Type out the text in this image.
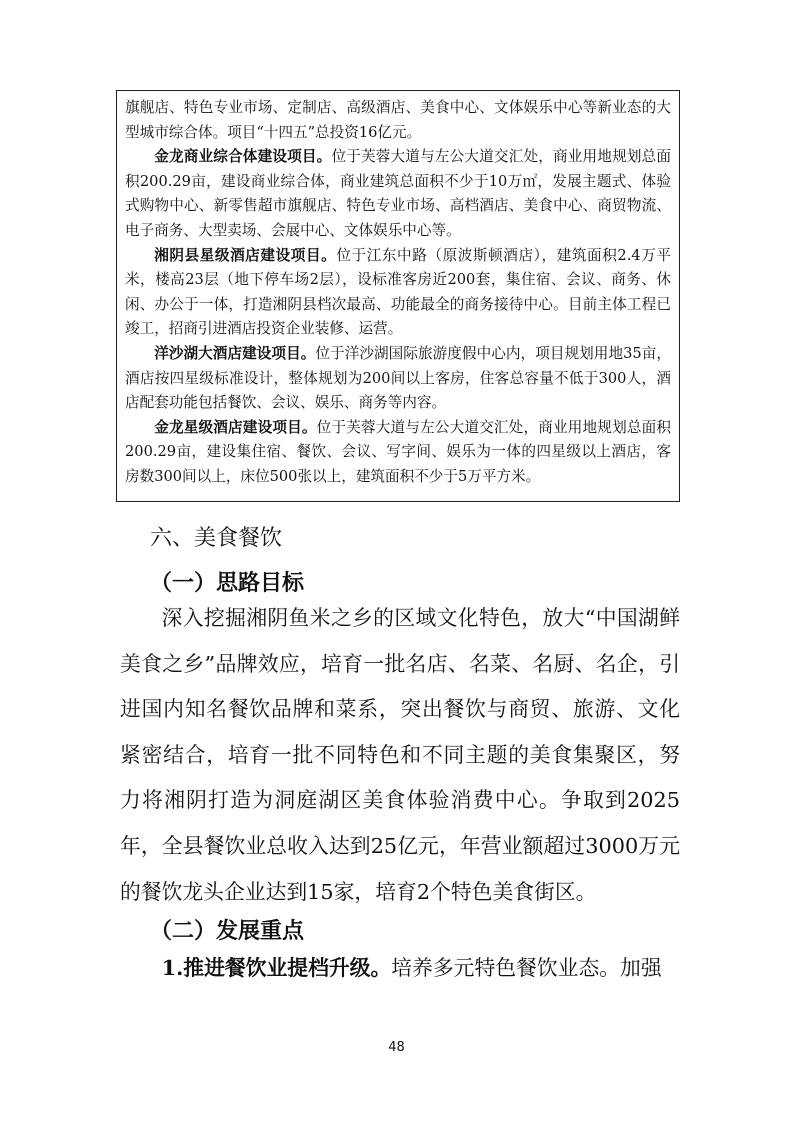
旗舰店、特色专业市场、定制店、高级酒店、美食中心、文体娱乐中心等新业态的大型城市综合体。项目“十四五”总投资16亿元。

金龙商业综合体建设项目。位于芙蓉大道与左公大道交汇处，商业用地规划总面积200.29亩，建设商业综合体，商业建筑总面积不少于10万㎡，发展主题式、体验式购物中心、新零售超市旗舰店、特色专业市场、高档酒店、美食中心、商贸物流、电子商务、大型卖场、会展中心、文体娱乐中心等。

湘阴县星级酒店建设项目。位于江东中路（原波斯顿酒店），建筑面积2.4万平米，楼高23层（地下停车场2层），设标准客房近200套，集住宿、会议、商务、休闲、办公于一体，打造湘阴县档次最高、功能最全的商务接待中心。目前主体工程已竣工，招商引进酒店投资企业装修、运营。

洋沙湖大酒店建设项目。位于洋沙湖国际旅游度假中心内，项目规划用地35亩，酒店按四星级标准设计，整体规划为200间以上客房，住客总容量不低于300人，酒店配套功能包括餐饮、会议、娱乐、商务等内容。

金龙星级酒店建设项目。位于芙蓉大道与左公大道交汇处，商业用地规划总面积200.29亩，建设集住宿、餐饮、会议、写字间、娱乐为一体的四星级以上酒店，客房数300间以上，床位500张以上，建筑面积不少于5万平方米。

六、美食餐饮
（一）思路目标

深入挖掘湘阴鱼米之乡的区域文化特色，放大“中国湖鲜美食之乡”品牌效应，培育一批名店、名菜、名厨、名企，引进国内知名餐饮品牌和菜系，突出餐饮与商贸、旅游、文化紧密结合，培育一批不同特色和不同主题的美食集聚区，努力将湘阴打造为洞庭湖区美食体验消费中心。争取到2025年，全县餐饮业总收入达到25亿元，年营业额超过3000万元的餐饮龙头企业达到15家，培育2个特色美食街区。

（二）发展重点

1.推进餐饮业提档升级。培养多元特色餐饮业态。加强

48
